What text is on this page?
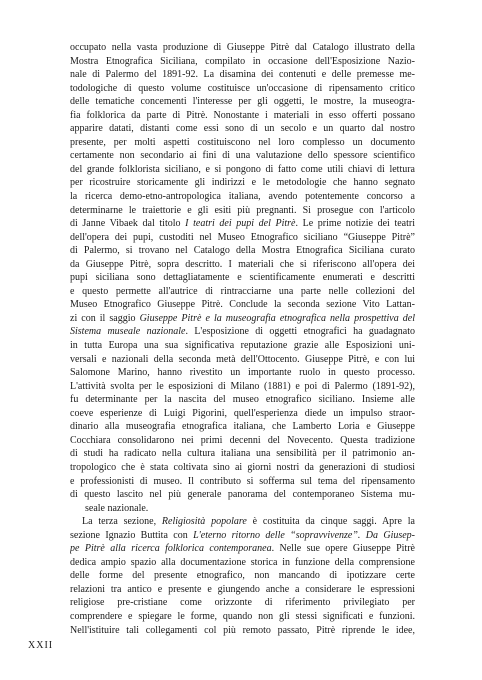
occupato nella vasta produzione di Giuseppe Pitrè dal Catalogo illustrato della
Mostra Etnografica Siciliana, compilato in occasione dell'Esposizione Nazio-
nale di Palermo del 1891-92. La disamina dei contenuti e delle premesse me-
todologiche di questo volume costituisce un'occasione di ripensamento critico
delle tematiche concementi l'interesse per gli oggetti, le mostre, la museogra-
fia folklorica da parte di Pitrè. Nonostante i materiali in esso offerti possano
apparire datati, distanti come essi sono di un secolo e un quarto dal nostro
presente, per molti aspetti costituiscono nel loro complesso un documento
certamente non secondario ai fini di una valutazione dello spessore scientifico
del grande folklorista siciliano, e si pongono di fatto come utili chiavi di lettura
per ricostruire storicamente gli indirizzi e le metodologie che hanno segnato
la ricerca demo-etno-antropologica italiana, avendo potentemente concorso a
determinarne le traiettorie e gli esiti più pregnanti. Si prosegue con l'articolo
di Janne Vibaek dal titolo I teatri dei pupi del Pitrè. Le prime notizie dei teatri
dell'opera dei pupi, custoditi nel Museo Etnografico siciliano “Giuseppe Pitrè”
di Palermo, si trovano nel Catalogo della Mostra Etnografica Siciliana curato
da Giuseppe Pitrè, sopra descritto. I materiali che si riferiscono all'opera dei
pupi siciliana sono dettagliatamente e scientificamente enumerati e descritti
e questo permette all'autrice di rintracciarne una parte nelle collezioni del
Museo Etnografico Giuseppe Pitrè. Conclude la seconda sezione Vito Lattan-
zi con il saggio Giuseppe Pitrè e la museografia etnografica nella prospettiva del
Sistema museale nazionale. L'esposizione di oggetti etnografici ha guadagnato
in tutta Europa una sua significativa reputazione grazie alle Esposizioni uni-
versali e nazionali della seconda metà dell'Ottocento. Giuseppe Pitrè, e con lui
Salomone Marino, hanno rivestito un importante ruolo in questo processo.
L'attività svolta per le esposizioni di Milano (1881) e poi di Palermo (1891-92),
fu determinante per la nascita del museo etnografico siciliano. Insieme alle
coeve esperienze di Luigi Pigorini, quell'esperienza diede un impulso straor-
dinario alla museografia etnografica italiana, che Lamberto Loria e Giuseppe
Cocchiara consolidarono nei primi decenni del Novecento. Questa tradizione
di studi ha radicato nella cultura italiana una sensibilità per il patrimonio an-
tropologico che è stata coltivata sino ai giorni nostri da generazioni di studiosi
e professionisti di museo. Il contributo si sofferma sul tema del ripensamento
di questo lascito nel più generale panorama del contemporaneo Sistema mu-
seale nazionale.
La terza sezione, Religiosità popolare è costituita da cinque saggi. Apre la
sezione Ignazio Buttita con L'eterno ritorno delle “sopravvivenze”. Da Giusep-
pe Pitrè alla ricerca folklorica contemporanea. Nelle sue opere Giuseppe Pitrè
dedica ampio spazio alla documentazione storica in funzione della comprensione
delle forme del presente etnografico, non mancando di ipotizzare certe
relazioni tra antico e presente e giungendo anche a considerare le espressioni
religiose pre-cristiane come orizzonte di riferimento privilegiato per
comprendere e spiegare le forme, quando non gli stessi significati e funzioni.
Nell'istituire tali collegamenti col più remoto passato, Pitrè riprende le idee,
XXII
